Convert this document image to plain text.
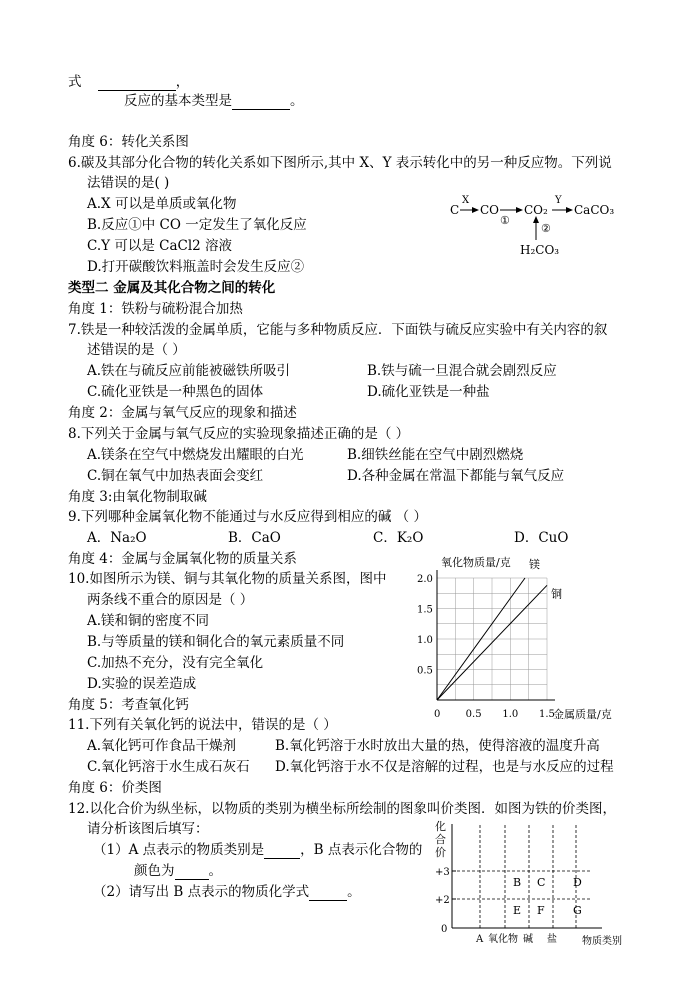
式	，
反应的基本类型是	。
角度 6：转化关系图
6.碳及其部分化合物的转化关系如下图所示,其中 X、Y 表示转化中的另一种反应物。下列说
法错误的是( )
A.X 可以是单质或氧化物
B.反应①中 CO 一定发生了氧化反应
C.Y 可以是 CaCl2 溶液
D.打开碳酸饮料瓶盖时会发生反应②
C
X
CO
①
CO₂
Y
CaCO₃
②
H₂CO₃
类型二 金属及其化合物之间的转化
角度 1：铁粉与硫粉混合加热
7.铁是一种较活泼的金属单质，它能与多种物质反应．下面铁与硫反应实验中有关内容的叙
述错误的是（ ）
A.铁在与硫反应前能被磁铁所吸引	B.铁与硫一旦混合就会剧烈反应
C.硫化亚铁是一种黑色的固体	D.硫化亚铁是一种盐
角度 2：金属与氧气反应的现象和描述
8.下列关于金属与氧气反应的实验现象描述正确的是（ ）
A.镁条在空气中燃烧发出耀眼的白光	B.细铁丝能在空气中剧烈燃烧
C.铜在氧气中加热表面会变红	D.各种金属在常温下都能与氧气反应
角度 3:由氧化物制取碱
9.下列哪种金属氧化物不能通过与水反应得到相应的碱 （ ）
A．Na₂O	B．CaO	C．K₂O	D．CuO
角度 4：金属与金属氧化物的质量关系
10.如图所示为镁、铜与其氧化物的质量关系图，图中
两条线不重合的原因是（ ）
A.镁和铜的密度不同
B.与等质量的镁和铜化合的氧元素质量不同
C.加热不充分，没有完全氧化
D.实验的误差造成
氧化物质量/克
金属质量/克
0	0.5 1.0 1.5
0.5
1.0
1.5
2.0
镁
铜
角度 5：考查氧化钙
11.下列有关氧化钙的说法中，错误的是（ ）
A.氧化钙可作食品干燥剂	B.氧化钙溶于水时放出大量的热，使得溶液的温度升高
C.氧化钙溶于水生成石灰石 D.氧化钙溶于水不仅是溶解的过程，也是与水反应的过程
角度 6：价类图
12.以化合价为纵坐标，以物质的类别为横坐标所绘制的图象叫价类图．如图为铁的价类图，
请分析该图后填写：
（1）A 点表示的物质类别是	，B 点表示化合物的
颜色为	。
（2）请写出 B 点表示的物质化学式	。
化
合
价
0
+2
+3
A 氧化物 碱 盐	物质类别
B C	D
E F	G
